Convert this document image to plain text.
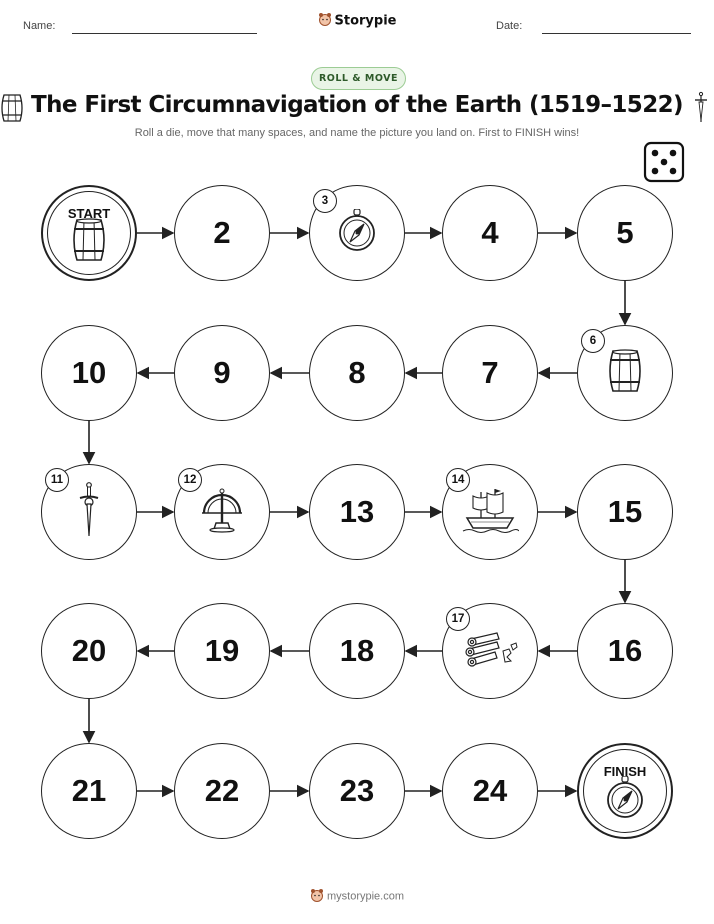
Name:	Storypie	Date:
ROLL & MOVE
The First Circumnavigation of the Earth (1519–1522)
Roll a die, move that many spaces, and name the picture you land on. First to FINISH wins!
START
2
3
4	5
6
7
8
9
10
11	12
13
14
15
16
17
18
19
20
21	22	23	24
FINISH
mystorypie.com
